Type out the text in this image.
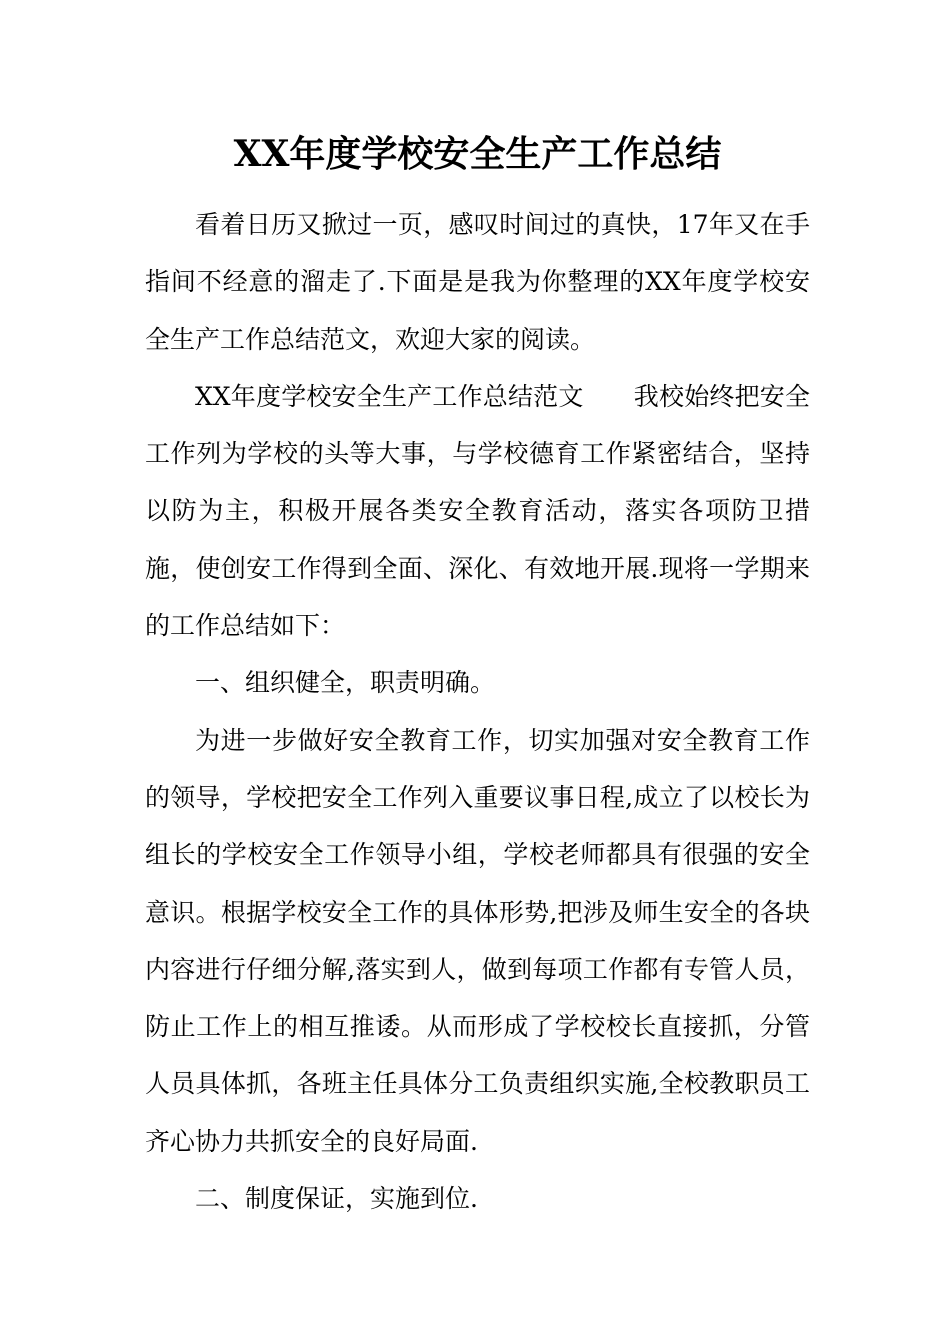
XX年度学校安全生产工作总结

看着日历又掀过一页，感叹时间过的真快，17年又在手指间不经意的溜走了.下面是是我为你整理的XX年度学校安全生产工作总结范文，欢迎大家的阅读。

XX年度学校安全生产工作总结范文 我校始终把安全工作列为学校的头等大事，与学校德育工作紧密结合，坚持以防为主，积极开展各类安全教育活动，落实各项防卫措施，使创安工作得到全面、深化、有效地开展.现将一学期来的工作总结如下：

一、组织健全，职责明确。

为进一步做好安全教育工作，切实加强对安全教育工作的领导，学校把安全工作列入重要议事日程,成立了以校长为组长的学校安全工作领导小组，学校老师都具有很强的安全意识。根据学校安全工作的具体形势,把涉及师生安全的各块内容进行仔细分解,落实到人，做到每项工作都有专管人员，防止工作上的相互推诿。从而形成了学校校长直接抓，分管人员具体抓，各班主任具体分工负责组织实施,全校教职员工齐心协力共抓安全的良好局面.

二、制度保证，实施到位.
